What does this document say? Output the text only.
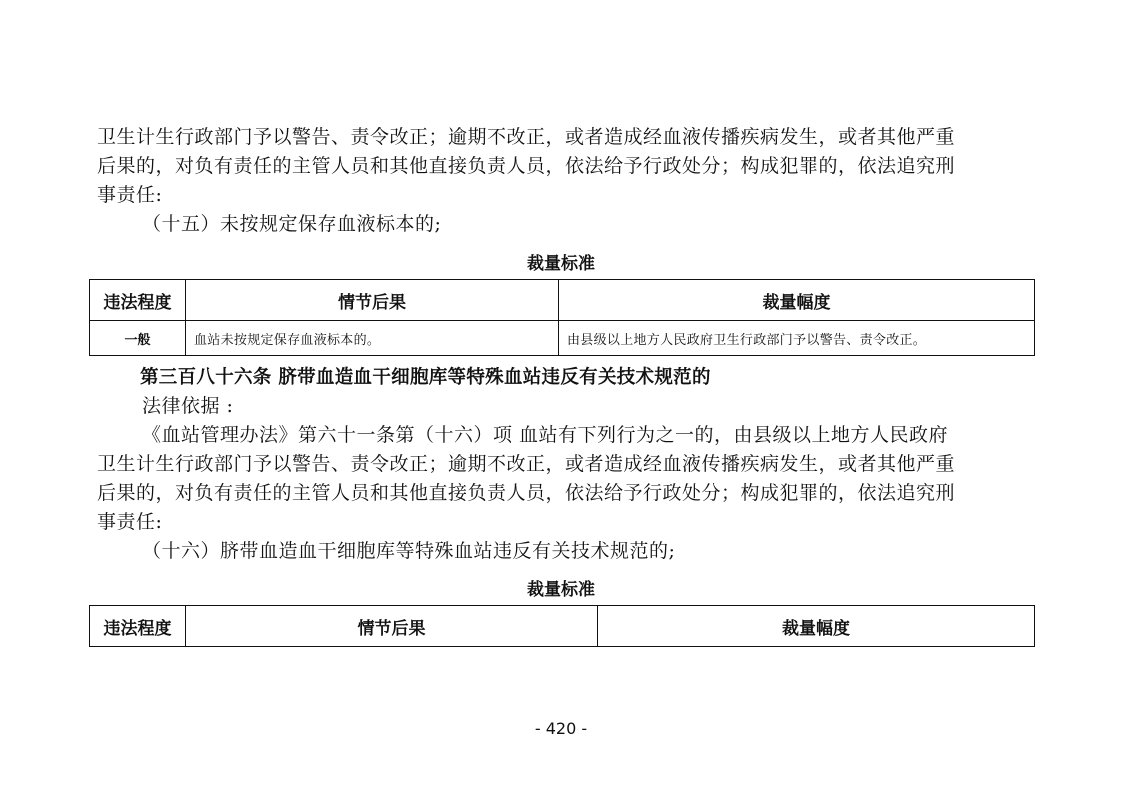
卫生计生行政部门予以警告、责令改正；逾期不改正，或者造成经血液传播疾病发生，或者其他严重
后果的，对负有责任的主管人员和其他直接负责人员，依法给予行政处分；构成犯罪的，依法追究刑
事责任:
（十五）未按规定保存血液标本的;
裁量标准
违法程度	情节后果	裁量幅度
一般	血站未按规定保存血液标本的。	由县级以上地方人民政府卫生行政部门予以警告、责令改正。
第三百八十六条 脐带血造血干细胞库等特殊血站违反有关技术规范的
法律依据 :
《血站管理办法》第六十一条第（十六）项 血站有下列行为之一的，由县级以上地方人民政府
卫生计生行政部门予以警告、责令改正；逾期不改正，或者造成经血液传播疾病发生，或者其他严重
后果的，对负有责任的主管人员和其他直接负责人员，依法给予行政处分；构成犯罪的，依法追究刑
事责任:
（十六）脐带血造血干细胞库等特殊血站违反有关技术规范的;
裁量标准
违法程度	情节后果	裁量幅度
- 420 -
